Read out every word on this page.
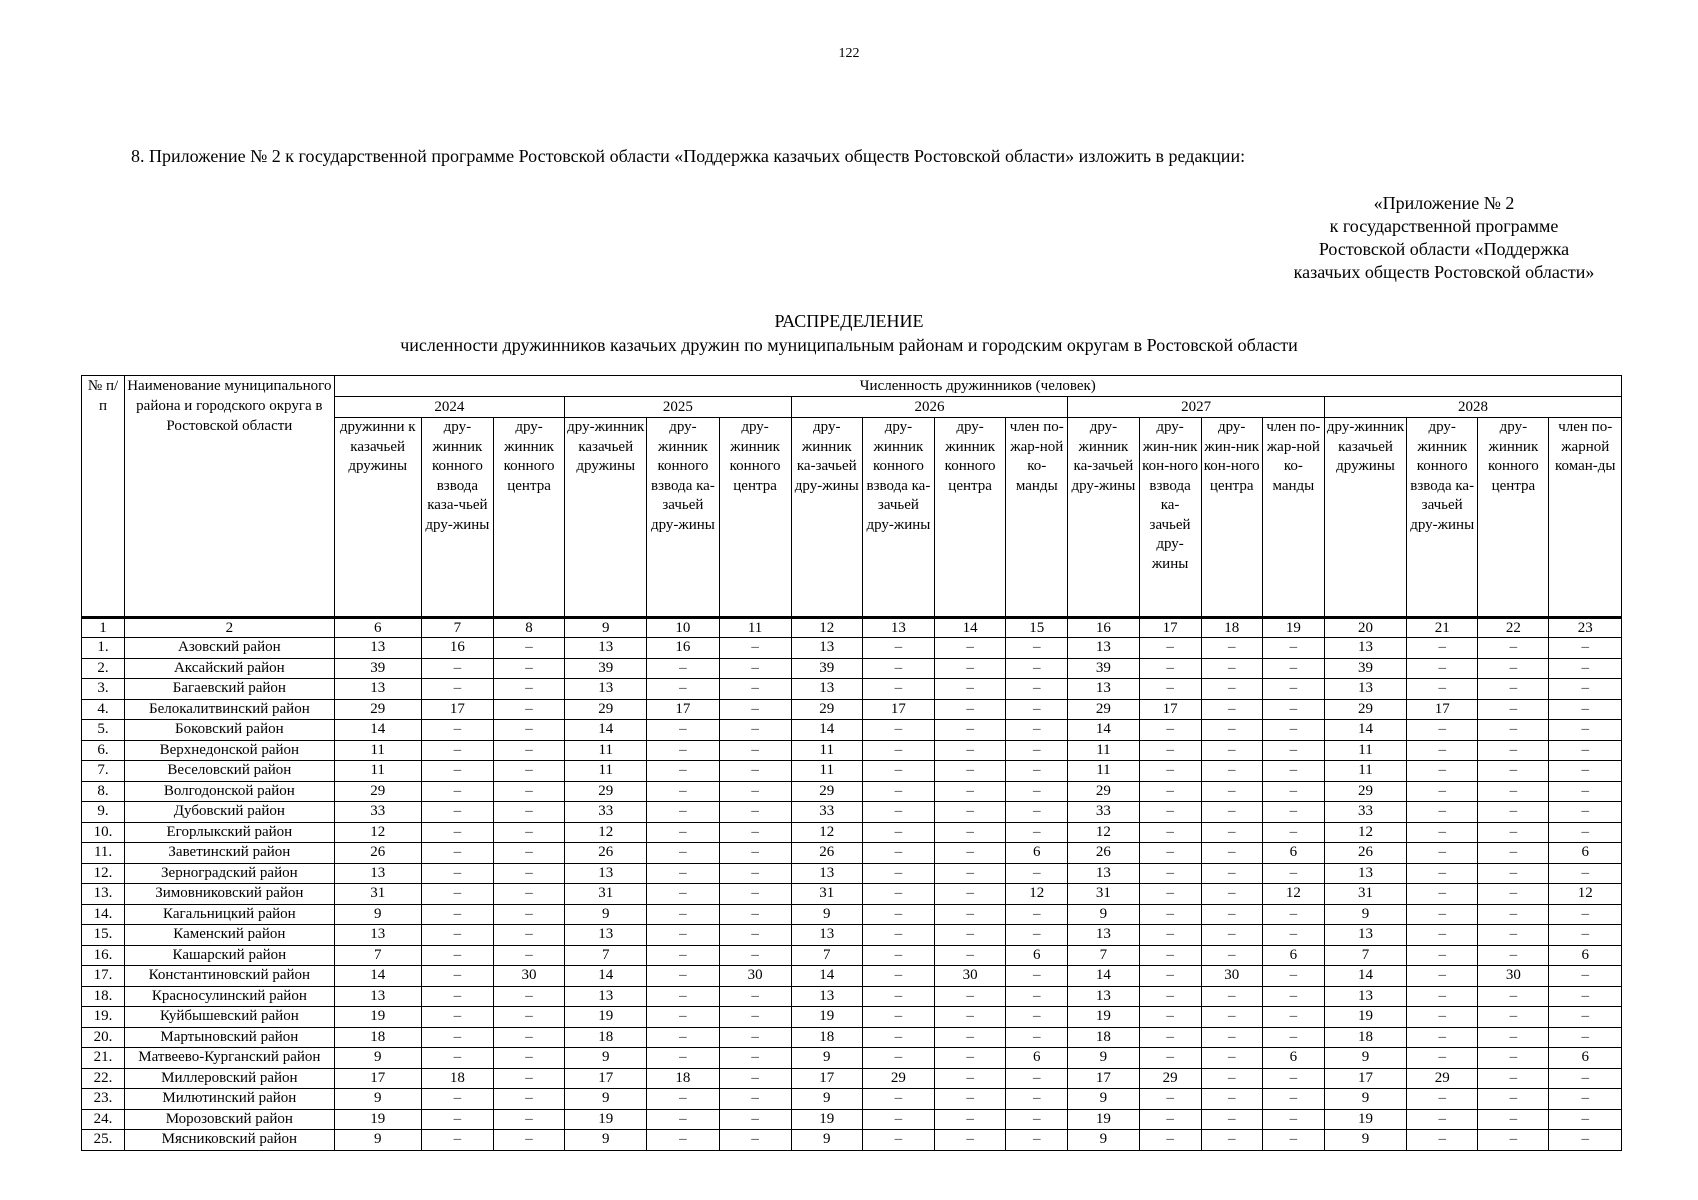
122
8. Приложение № 2 к государственной программе Ростовской области «Поддержка казачьих обществ Ростовской области» изложить в редакции:
«Приложение № 2
к государственной программе
Ростовской области «Поддержка
казачьих обществ Ростовской области»
РАСПРЕДЕЛЕНИЕ
численности дружинников казачьих дружин по муниципальным районам и городским округам в Ростовской области
№ п/п	Наименование муниципального района и городского округа в Ростовской области	Численность дружинников (человек)																	
		2024			2025			2026				2027				2028			
		дружинни к казачьей дружины	дру-жинник конного взвода каза-чьей дру-жины	дру-жинник конного центра	дру-жинник казачьей дружины	дру-жинник конного взвода ка-зачьей дру-жины	дру-жинник конного центра	дру-жинник ка-зачьей дру-жины	дру-жинник конного взвода ка-зачьей дру-жины	дру-жинник конного центра	член по-жар-ной ко-манды	дру-жинник ка-зачьей дру-жины	дру-жин-ник кон-ного взвода ка-зачьей дру-жины	дру-жин-ник кон-ного центра	член по-жар-ной ко-манды	дру-жинник казачьей дружины	дру-жинник конного взвода ка-зачьей дру-жины	дру-жинник конного центра	член по-жарной коман-ды
1	2	6	7	8	9	10	11	12	13	14	15	16	17	18	19	20	21	22	23
1.	Азовский район	13	16	–	13	16	–	13	–	–	–	13	–	–	–	13	–	–	–
2.	Аксайский район	39	–	–	39	–	–	39	–	–	–	39	–	–	–	39	–	–	–
3.	Багаевский район	13	–	–	13	–	–	13	–	–	–	13	–	–	–	13	–	–	–
4.	Белокалитвинский район	29	17	–	29	17	–	29	17	–	–	29	17	–	–	29	17	–	–
5.	Боковский район	14	–	–	14	–	–	14	–	–	–	14	–	–	–	14	–	–	–
6.	Верхнедонской район	11	–	–	11	–	–	11	–	–	–	11	–	–	–	11	–	–	–
7.	Веселовский район	11	–	–	11	–	–	11	–	–	–	11	–	–	–	11	–	–	–
8.	Волгодонской район	29	–	–	29	–	–	29	–	–	–	29	–	–	–	29	–	–	–
9.	Дубовский район	33	–	–	33	–	–	33	–	–	–	33	–	–	–	33	–	–	–
10.	Егорлыкский район	12	–	–	12	–	–	12	–	–	–	12	–	–	–	12	–	–	–
11.	Заветинский район	26	–	–	26	–	–	26	–	–	6	26	–	–	6	26	–	–	6
12.	Зерноградский район	13	–	–	13	–	–	13	–	–	–	13	–	–	–	13	–	–	–
13.	Зимовниковский район	31	–	–	31	–	–	31	–	–	12	31	–	–	12	31	–	–	12
14.	Кагальницкий район	9	–	–	9	–	–	9	–	–	–	9	–	–	–	9	–	–	–
15.	Каменский район	13	–	–	13	–	–	13	–	–	–	13	–	–	–	13	–	–	–
16.	Кашарский район	7	–	–	7	–	–	7	–	–	6	7	–	–	6	7	–	–	6
17.	Константиновский район	14	–	30	14	–	30	14	–	30	–	14	–	30	–	14	–	30	–
18.	Красносулинский район	13	–	–	13	–	–	13	–	–	–	13	–	–	–	13	–	–	–
19.	Куйбышевский район	19	–	–	19	–	–	19	–	–	–	19	–	–	–	19	–	–	–
20.	Мартыновский район	18	–	–	18	–	–	18	–	–	–	18	–	–	–	18	–	–	–
21.	Матвеево-Курганский район	9	–	–	9	–	–	9	–	–	6	9	–	–	6	9	–	–	6
22.	Миллеровский район	17	18	–	17	18	–	17	29	–	–	17	29	–	–	17	29	–	–
23.	Милютинский район	9	–	–	9	–	–	9	–	–	–	9	–	–	–	9	–	–	–
24.	Морозовский район	19	–	–	19	–	–	19	–	–	–	19	–	–	–	19	–	–	–
25.	Мясниковский район	9	–	–	9	–	–	9	–	–	–	9	–	–	–	9	–	–	–
